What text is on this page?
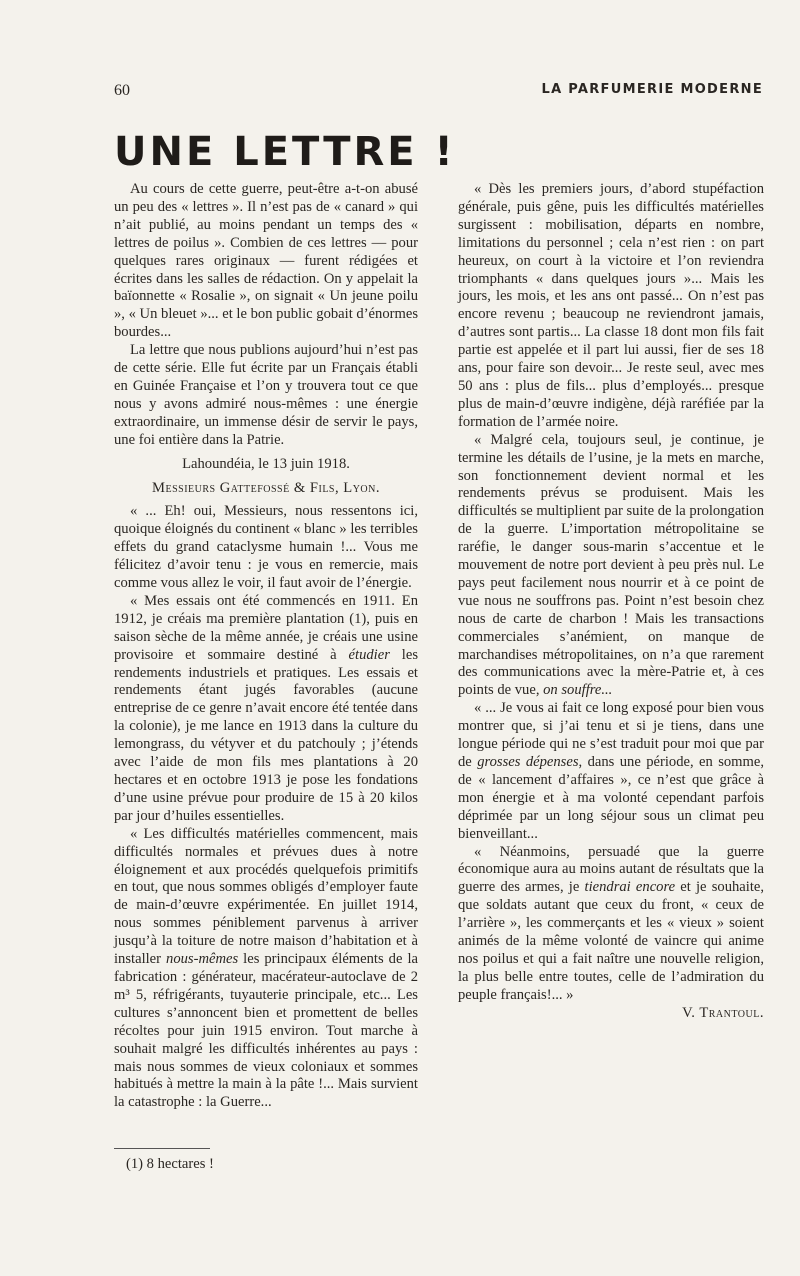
60	LA PARFUMERIE MODERNE
UNE LETTRE !

Au cours de cette guerre, peut-être a-t-on abusé un peu des « lettres ». Il n’est pas de « canard » qui n’ait publié, au moins pendant un temps des « lettres de poilus ». Combien de ces lettres — pour quelques rares originaux — furent rédigées et écrites dans les salles de rédaction. On y appelait la baïonnette « Rosalie », on signait « Un jeune poilu », « Un bleuet »... et le bon public gobait d’énormes bourdes...

La lettre que nous publions aujourd’hui n’est pas de cette série. Elle fut écrite par un Français établi en Guinée Française et l’on y trouvera tout ce que nous y avons admiré nous-mêmes : une énergie extraordinaire, un immense désir de servir le pays, une foi entière dans la Patrie.

Lahoundéia, le 13 juin 1918.

Messieurs Gattefossé & Fils, Lyon.

« ... Eh! oui, Messieurs, nous ressentons ici, quoique éloignés du continent « blanc » les terribles effets du grand cataclysme humain !... Vous me félicitez d’avoir tenu : je vous en remercie, mais comme vous allez le voir, il faut avoir de l’énergie.

« Mes essais ont été commencés en 1911. En 1912, je créais ma première plantation (1), puis en saison sèche de la même année, je créais une usine provisoire et sommaire destiné à étudier les rendements industriels et pratiques. Les essais et rendements étant jugés favorables (aucune entreprise de ce genre n’avait encore été tentée dans la colonie), je me lance en 1913 dans la culture du lemongrass, du vétyver et du patchouly ; j’étends avec l’aide de mon fils mes plantations à 20 hectares et en octobre 1913 je pose les fondations d’une usine prévue pour produire de 15 à 20 kilos par jour d’huiles essentielles.

« Les difficultés matérielles commencent, mais difficultés normales et prévues dues à notre éloignement et aux procédés quelquefois primitifs en tout, que nous sommes obligés d’employer faute de main-d’œuvre expérimentée. En juillet 1914, nous sommes péniblement parvenus à arriver jusqu’à la toiture de notre maison d’habitation et à installer nous-mêmes les principaux éléments de la fabrication : générateur, macérateur-autoclave de 2 m³ 5, réfrigérants, tuyauterie principale, etc... Les cultures s’annoncent bien et promettent de belles récoltes pour juin 1915 environ. Tout marche à souhait malgré les difficultés inhérentes au pays : mais nous sommes de vieux coloniaux et sommes habitués à mettre la main à la pâte !... Mais survient la catastrophe : la Guerre...

« Dès les premiers jours, d’abord stupéfaction générale, puis gêne, puis les difficultés matérielles surgissent : mobilisation, départs en nombre, limitations du personnel ; cela n’est rien : on part heureux, on court à la victoire et l’on reviendra triomphants « dans quelques jours »... Mais les jours, les mois, et les ans ont passé... On n’est pas encore revenu ; beaucoup ne reviendront jamais, d’autres sont partis... La classe 18 dont mon fils fait partie est appelée et il part lui aussi, fier de ses 18 ans, pour faire son devoir... Je reste seul, avec mes 50 ans : plus de fils... plus d’employés... presque plus de main-d’œuvre indigène, déjà raréfiée par la formation de l’armée noire.

« Malgré cela, toujours seul, je continue, je termine les détails de l’usine, je la mets en marche, son fonctionnement devient normal et les rendements prévus se produisent. Mais les difficultés se multiplient par suite de la prolongation de la guerre. L’importation métropolitaine se raréfie, le danger sous-marin s’accentue et le mouvement de notre port devient à peu près nul. Le pays peut facilement nous nourrir et à ce point de vue nous ne souffrons pas. Point n’est besoin chez nous de carte de charbon ! Mais les transactions commerciales s’anémient, on manque de marchandises métropolitaines, on n’a que rarement des communications avec la mère-Patrie et, à ces points de vue, on souffre...

« ... Je vous ai fait ce long exposé pour bien vous montrer que, si j’ai tenu et si je tiens, dans une longue période qui ne s’est traduit pour moi que par de grosses dépenses, dans une période, en somme, de « lancement d’affaires », ce n’est que grâce à mon énergie et à ma volonté cependant parfois déprimée par un long séjour sous un climat peu bienveillant...

« Néanmoins, persuadé que la guerre économique aura au moins autant de résultats que la guerre des armes, je tiendrai encore et je souhaite, que soldats autant que ceux du front, « ceux de l’arrière », les commerçants et les « vieux » soient animés de la même volonté de vaincre qui anime nos poilus et qui a fait naître une nouvelle religion, la plus belle entre toutes, celle de l’admiration du peuple français!... »

V. Trantoul.

(1) 8 hectares !
